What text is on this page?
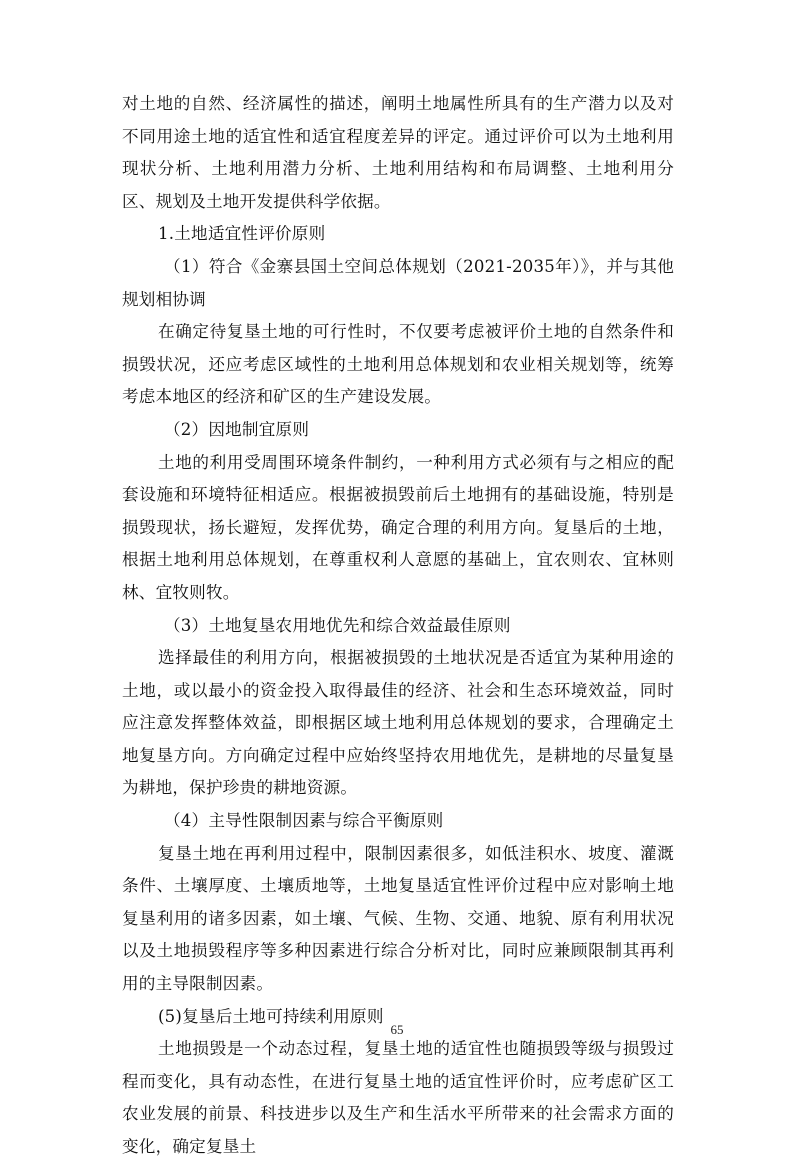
对土地的自然、经济属性的描述，阐明土地属性所具有的生产潜力以及对不同用途土地的适宜性和适宜程度差异的评定。通过评价可以为土地利用现状分析、土地利用潜力分析、土地利用结构和布局调整、土地利用分区、规划及土地开发提供科学依据。

1.土地适宜性评价原则

（1）符合《金寨县国土空间总体规划（2021-2035年）》，并与其他规划相协调

在确定待复垦土地的可行性时，不仅要考虑被评价土地的自然条件和损毁状况，还应考虑区域性的土地利用总体规划和农业相关规划等，统筹考虑本地区的经济和矿区的生产建设发展。

（2）因地制宜原则

土地的利用受周围环境条件制约，一种利用方式必须有与之相应的配套设施和环境特征相适应。根据被损毁前后土地拥有的基础设施，特别是损毁现状，扬长避短，发挥优势，确定合理的利用方向。复垦后的土地，根据土地利用总体规划，在尊重权利人意愿的基础上，宜农则农、宜林则林、宜牧则牧。

（3）土地复垦农用地优先和综合效益最佳原则

选择最佳的利用方向，根据被损毁的土地状况是否适宜为某种用途的土地，或以最小的资金投入取得最佳的经济、社会和生态环境效益，同时应注意发挥整体效益，即根据区域土地利用总体规划的要求，合理确定土地复垦方向。方向确定过程中应始终坚持农用地优先，是耕地的尽量复垦为耕地，保护珍贵的耕地资源。

（4）主导性限制因素与综合平衡原则

复垦土地在再利用过程中，限制因素很多，如低洼积水、坡度、灌溉条件、土壤厚度、土壤质地等，土地复垦适宜性评价过程中应对影响土地复垦利用的诸多因素，如土壤、气候、生物、交通、地貌、原有利用状况以及土地损毁程序等多种因素进行综合分析对比，同时应兼顾限制其再利用的主导限制因素。

(5)复垦后土地可持续利用原则

土地损毁是一个动态过程，复垦土地的适宜性也随损毁等级与损毁过程而变化，具有动态性，在进行复垦土地的适宜性评价时，应考虑矿区工农业发展的前景、科技进步以及生产和生活水平所带来的社会需求方面的变化，确定复垦土

65
